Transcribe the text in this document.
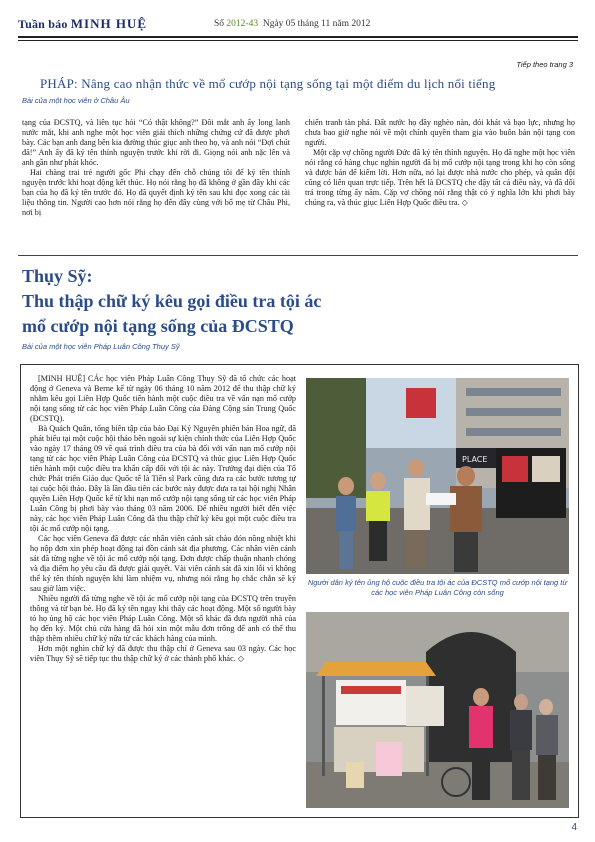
Tuần báo MINH HUỆ	Số 2012-43 Ngày 05 tháng 11 năm 2012
Tiếp theo trang 3
PHÁP: Nâng cao nhận thức về mổ cướp nội tạng sống tại một điểm du lịch nổi tiếng
Bài của một học viên ở Châu Âu

tạng của ĐCSTQ, và liên tục hỏi “Có thật không?” Đôi mắt anh ấy long lanh nước mắt, khi anh nghe một học viên giải thích những chứng cứ đã được phơi bày. Các bạn anh đang bên kia đường thúc giục anh theo họ, và anh nói “Đợi chút đã!” Anh ấy đã ký tên thỉnh nguyện trước khi rời đi. Giọng nói anh nặc lên và anh gần như phát khóc.

Hai chàng trai trẻ người gốc Phi chạy đến chỗ chúng tôi để ký tên thỉnh nguyện trước khi hoạt động kết thúc. Họ nói rằng họ đã không ở gần đây khi các bạn của họ đã ký tên trước đó. Họ đã quyết định ký tên sau khi đọc xong các tài liệu thông tin. Người cao hơn nói rằng họ đến đây cùng với bố mẹ từ Châu Phi, nơi bị

chiến tranh tàn phá. Đất nước họ đầy nghèo nàn, đói khát và bạo lực, nhưng họ chưa bao giờ nghe nói về một chính quyền tham gia vào buôn bán nội tạng con người.

Một cặp vợ chồng người Đức đã ký tên thỉnh nguyện. Họ đã nghe một học viên nói rằng có hàng chục nghìn người đã bị mổ cướp nội tạng trong khi họ còn sống và được bán để kiếm lời. Hơn nữa, nó lại được nhà nước cho phép, và quân đội cũng có liên quan trực tiếp. Trên hết là ĐCSTQ che đậy tất cả điều này, và đã dối trá trong từng ấy năm. Cặp vợ chồng nói rằng thật có ý nghĩa lớn khi phơi bày chúng ra, và thúc giục Liên Hợp Quốc điều tra. ◇

Thụy Sỹ:
Thu thập chữ ký kêu gọi điều tra tội ác
mổ cướp nội tạng sống của ĐCSTQ
Bài của một học viên Pháp Luân Công Thụy Sỹ

[MINH HUỆ] CÁc học viên Pháp Luân Công Thụy Sỹ đã tổ chức các hoạt động ở Geneva và Berne kể từ ngày 06 tháng 10 năm 2012 để thu thập chữ ký nhằm kêu gọi Liên Hợp Quốc tiến hành một cuộc điều tra về vấn nạn mổ cướp nội tạng sống từ các học viên Pháp Luân Công của Đảng Cộng sản Trung Quốc (ĐCSTQ).

Bà Quách Quân, tổng biên tập của báo Đại Kỷ Nguyên phiên bản Hoa ngữ, đã phát biểu tại một cuộc hội thảo bên ngoài sự kiện chính thức của Liên Hợp Quốc vào ngày 17 tháng 09 về quá trình điều tra của bà đối với vấn nạn mổ cướp nội tạng từ các học viên Pháp Luân Công của ĐCSTQ và thúc giục Liên Hợp Quốc tiến hành một cuộc điều tra khẩn cấp đối với tội ác này. Trưởng đại diện của Tổ chức Phát triển Giáo dục Quốc tế là Tiến sĩ Park cũng đưa ra các bước tương tự tại cuộc hội thảo. Đây là lần đầu tiên các bước này được đưa ra tại hội nghị Nhân quyền Liên Hợp Quốc kể từ khi nạn mổ cướp nội tạng sống từ các học viên Pháp Luân Công bị phơi bày vào tháng 03 năm 2006. Để nhiều người biết đến việc này, các học viên Pháp Luân Công đã thu thập chữ ký kêu gọi một cuộc điều tra tội ác mổ cướp nội tạng.

Các học viên Geneva đã được các nhân viên cảnh sát chào đón nồng nhiệt khi họ nộp đơn xin phép hoạt động tại đồn cảnh sát địa phương. Các nhân viên cảnh sát đã từng nghe về tội ác mổ cướp nội tạng. Đơn được chấp thuận nhanh chóng và địa điểm họ yêu cầu đã được giải quyết. Vài viên cảnh sát đã xin lỗi vì không thể ký tên thỉnh nguyện khi làm nhiệm vụ, nhưng nói rằng họ chắc chắn sẽ ký sau giờ làm việc.

Nhiều người đã từng nghe về tội ác mổ cướp nội tạng của ĐCSTQ trên truyền thông và từ bạn bè. Họ đã ký tên ngay khi thấy các hoạt động. Một số người bày tỏ họ ủng hộ các học viên Pháp Luân Công. Một số khác đã đưa người nhà của họ đến ký. Một chủ cửa hàng đã hỏi xin một mẫu đơn trống để anh có thể thu thập thêm nhiều chữ ký nữa từ các khách hàng của mình.

Hơn một nghìn chữ ký đã được thu thập chỉ ở Geneva sau 03 ngày. Các học viên Thụy Sỹ sẽ tiếp tục thu thập chữ ký ở các thành phố khác. ◇

PLACE
Người dân ký tên ủng hộ cuộc điều tra tội ác của ĐCSTQ mổ cướp nội tạng từ các học viên Pháp Luân Công còn sống
4
